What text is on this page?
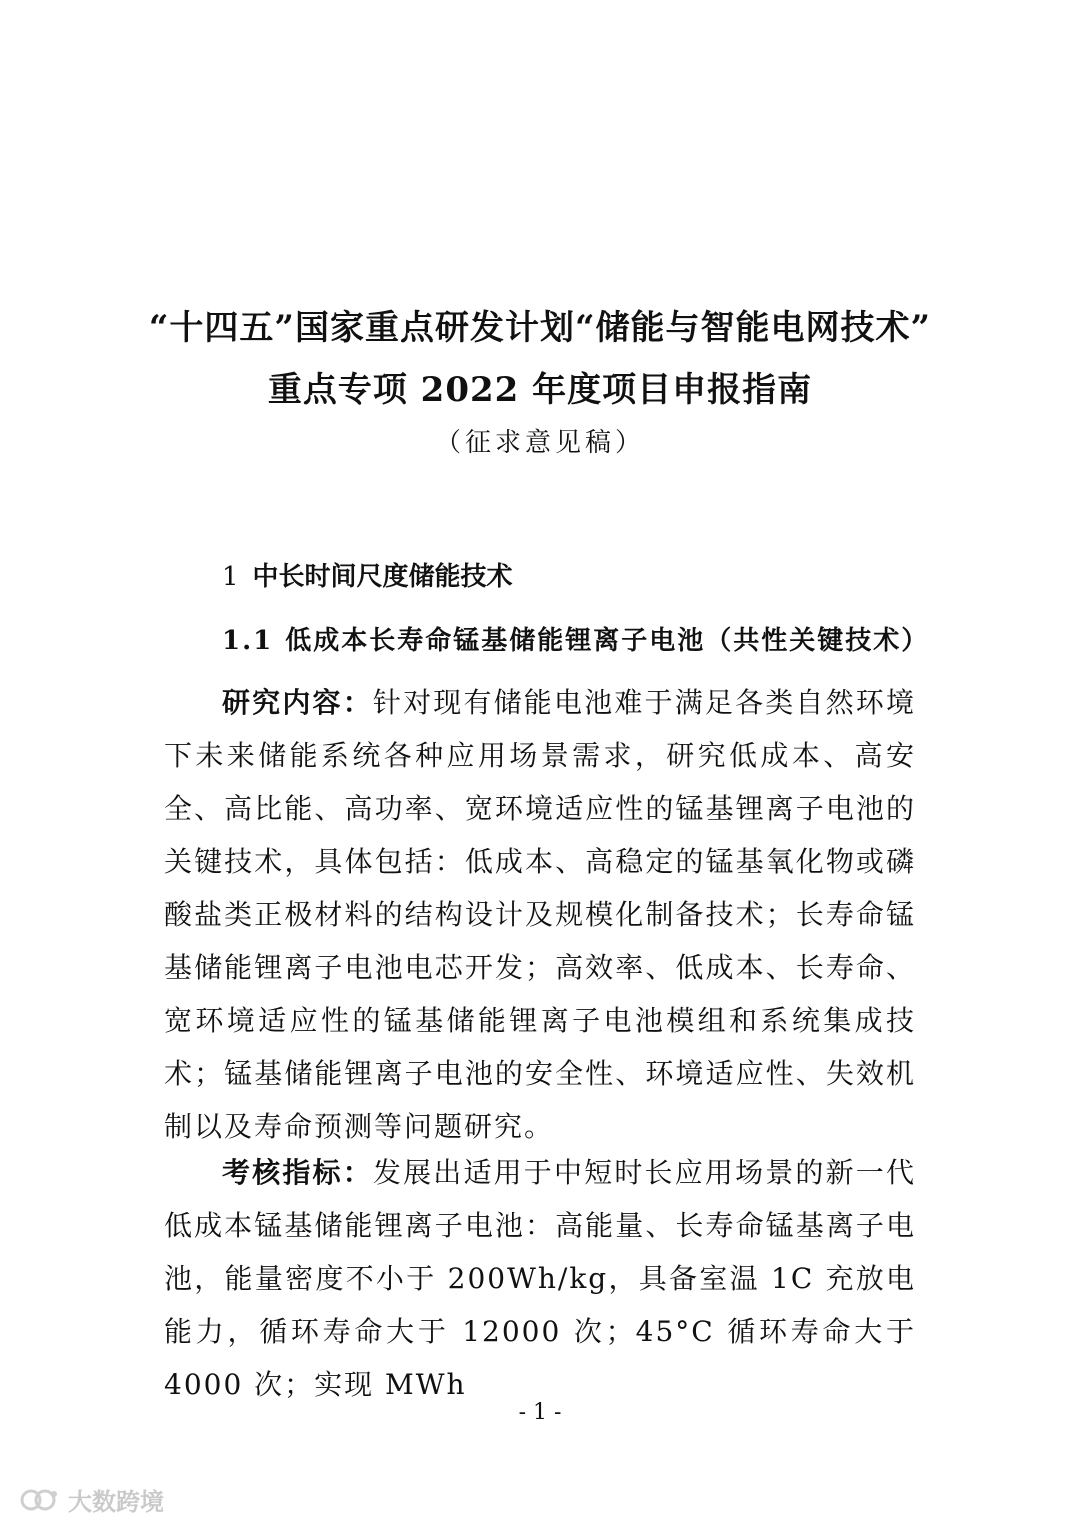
“十四五”国家重点研发计划“储能与智能电网技术”
重点专项 2022 年度项目申报指南
（征求意见稿）
1 中长时间尺度储能技术
1.1 低成本长寿命锰基储能锂离子电池（共性关键技术）

研究内容：针对现有储能电池难于满足各类自然环境下未来储能系统各种应用场景需求，研究低成本、高安全、高比能、高功率、宽环境适应性的锰基锂离子电池的关键技术，具体包括：低成本、高稳定的锰基氧化物或磷酸盐类正极材料的结构设计及规模化制备技术；长寿命锰基储能锂离子电池电芯开发；高效率、低成本、长寿命、宽环境适应性的锰基储能锂离子电池模组和系统集成技术；锰基储能锂离子电池的安全性、环境适应性、失效机制以及寿命预测等问题研究。

考核指标：发展出适用于中短时长应用场景的新一代低成本锰基储能锂离子电池：高能量、长寿命锰基离子电池，能量密度不小于 200Wh/kg，具备室温 1C 充放电能力，循环寿命大于 12000 次；45°C 循环寿命大于 4000 次；实现 MWh

- 1 -
大数跨境
